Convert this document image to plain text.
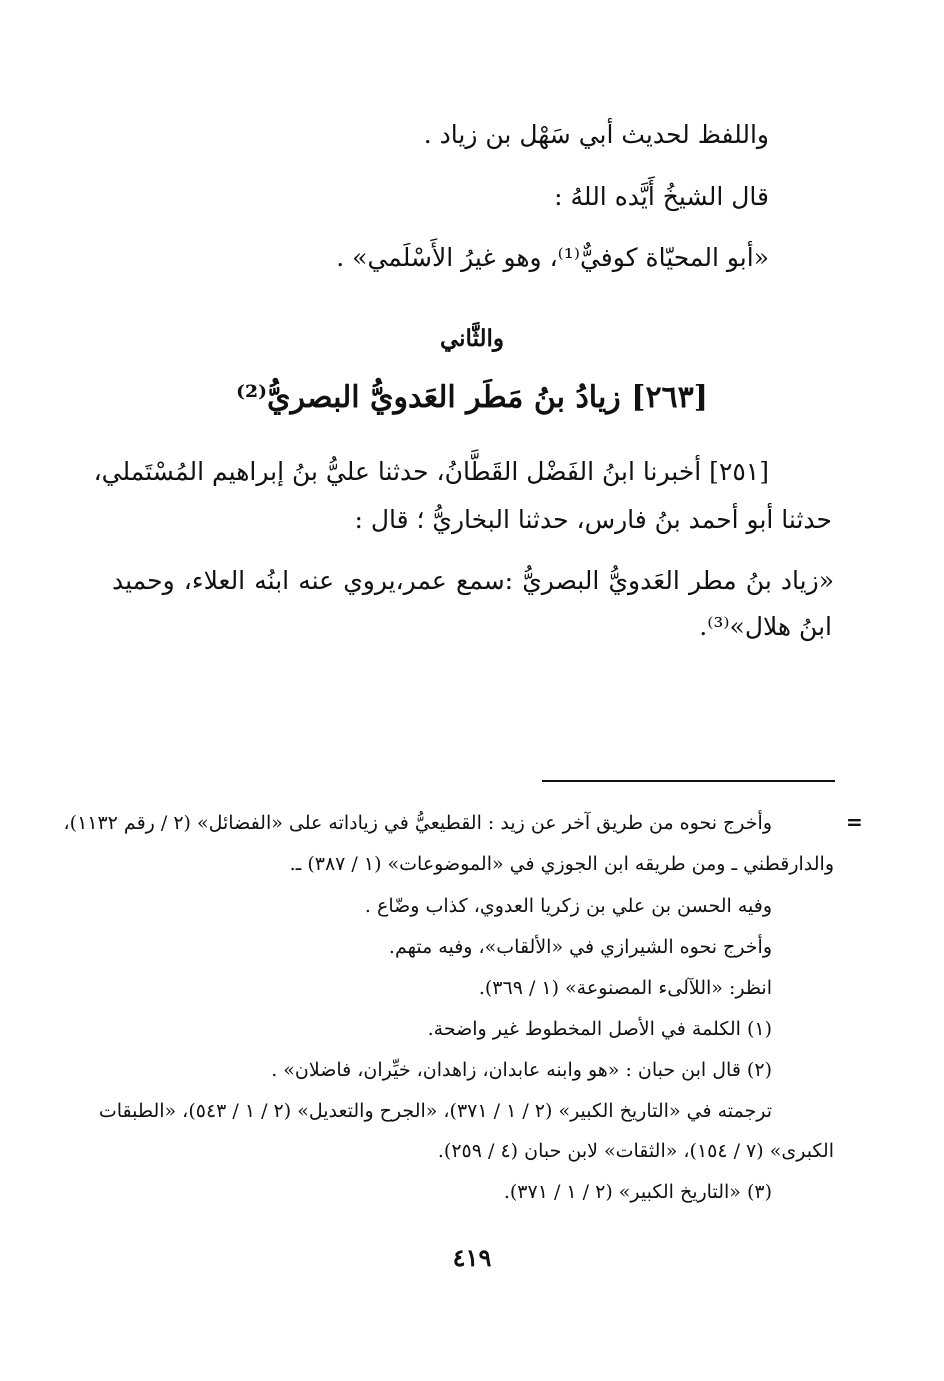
واللفظ لحديث أبي سَهْل بن زياد .
قال الشيخُ أَيَّده اللهُ :
«أبو المحيّاة كوفيٌّ⁽¹⁾، وهو غيرُ الأَسْلَمي» .
والثَّاني
[٢٦٣] زيادُ بنُ مَطَر العَدويُّ البصريُّ⁽²⁾
[٢٥١] أخبرنا ابنُ الفَضْل القَطَّانُ، حدثنا عليُّ بنُ إبراهيم المُسْتَملي،
حدثنا أبو أحمد بنُ فارس، حدثنا البخاريُّ ؛ قال :
«زياد بنُ مطر العَدويُّ البصريُّ :سمع عمر،يروي عنه ابنُه العلاء، وحميد
ابنُ هلال»⁽³⁾.
=
وأخرج نحوه من طريق آخر عن زيد : القطيعيُّ في زياداته على «الفضائل» (٢ / رقم ١١٣٢)،
والدارقطني ـ ومن طريقه ابن الجوزي في «الموضوعات» (١ / ٣٨٧) ـ.
وفيه الحسن بن علي بن زكريا العدوي، كذاب وضّاع .
وأخرج نحوه الشيرازي في «الألقاب»، وفيه متهم.
انظر: «اللآلىء المصنوعة» (١ / ٣٦٩).
(١) الكلمة في الأصل المخطوط غير واضحة.
(٢) قال ابن حبان : «هو وابنه عابدان، زاهدان، خيِّران، فاضلان» .
ترجمته في «التاريخ الكبير» (٢ / ١ / ٣٧١)، «الجرح والتعديل» (٢ / ١ / ٥٤٣)، «الطبقات
الكبرى» (٧ / ١٥٤)، «الثقات» لابن حبان (٤ / ٢٥٩).
(٣) «التاريخ الكبير» (٢ / ١ / ٣٧١).
٤١٩
